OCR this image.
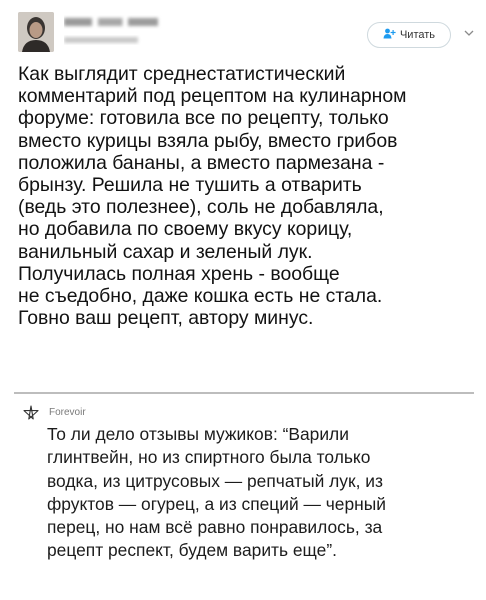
Читать
Как выглядит среднестатистический
комментарий под рецептом на кулинарном
форуме: готовила все по рецепту, только
вместо курицы взяла рыбу, вместо грибов
положила бананы, а вместо пармезана -
брынзу. Решила не тушить а отварить
(ведь это полезнее), соль не добавляла,
но добавила по своему вкусу корицу,
ванильный сахар и зеленый лук.
Получилась полная хрень - вообще
не съедобно, даже кошка есть не стала.
Говно ваш рецепт, автору минус.
Forevoir
То ли дело отзывы мужиков: “Варили
глинтвейн, но из спиртного была только
водка, из цитрусовых — репчатый лук, из
фруктов — огурец, а из специй — черный
перец, но нам всё равно понравилось, за
рецепт респект, будем варить еще”.
